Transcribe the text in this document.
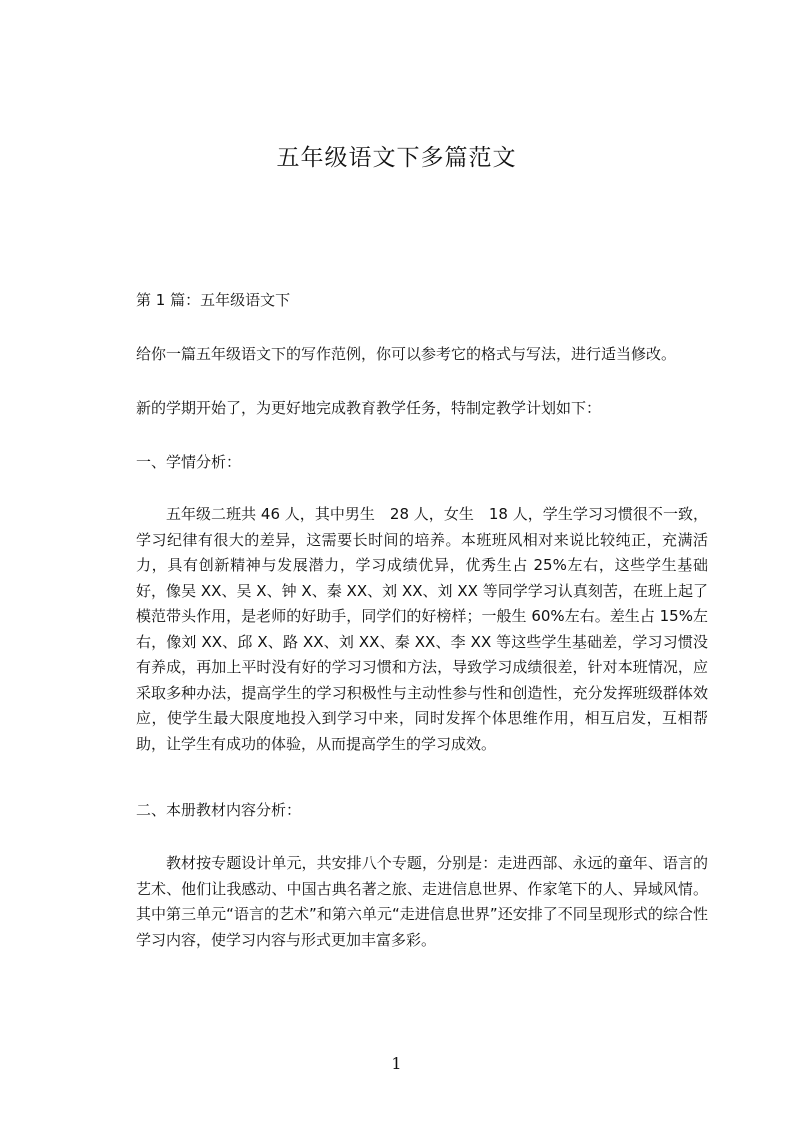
五年级语文下多篇范文
第 1 篇：五年级语文下
给你一篇五年级语文下的写作范例，你可以参考它的格式与写法，进行适当修改。
新的学期开始了，为更好地完成教育教学任务，特制定教学计划如下：
一、学情分析：
五年级二班共 46 人，其中男生　28 人，女生　18 人，学生学习习惯很不一致，学习纪律有很大的差异，这需要长时间的培养。本班班风相对来说比较纯正，充满活力，具有创新精神与发展潜力，学习成绩优异，优秀生占 25%左右，这些学生基础好，像吴 XX、吴 X、钟 X、秦 XX、刘 XX、刘 XX 等同学学习认真刻苦，在班上起了模范带头作用，是老师的好助手，同学们的好榜样；一般生 60%左右。差生占 15%左右，像刘 XX、邱 X、路 XX、刘 XX、秦 XX、李 XX 等这些学生基础差，学习习惯没有养成，再加上平时没有好的学习习惯和方法，导致学习成绩很差，针对本班情况，应采取多种办法，提高学生的学习积极性与主动性参与性和创造性，充分发挥班级群体效应，使学生最大限度地投入到学习中来，同时发挥个体思维作用，相互启发，互相帮助，让学生有成功的体验，从而提高学生的学习成效。
二、本册教材内容分析：
教材按专题设计单元，共安排八个专题，分别是：走进西部、永远的童年、语言的艺术、他们让我感动、中国古典名著之旅、走进信息世界、作家笔下的人、异域风情。其中第三单元“语言的艺术”和第六单元“走进信息世界”还安排了不同呈现形式的综合性学习内容，使学习内容与形式更加丰富多彩。
1
